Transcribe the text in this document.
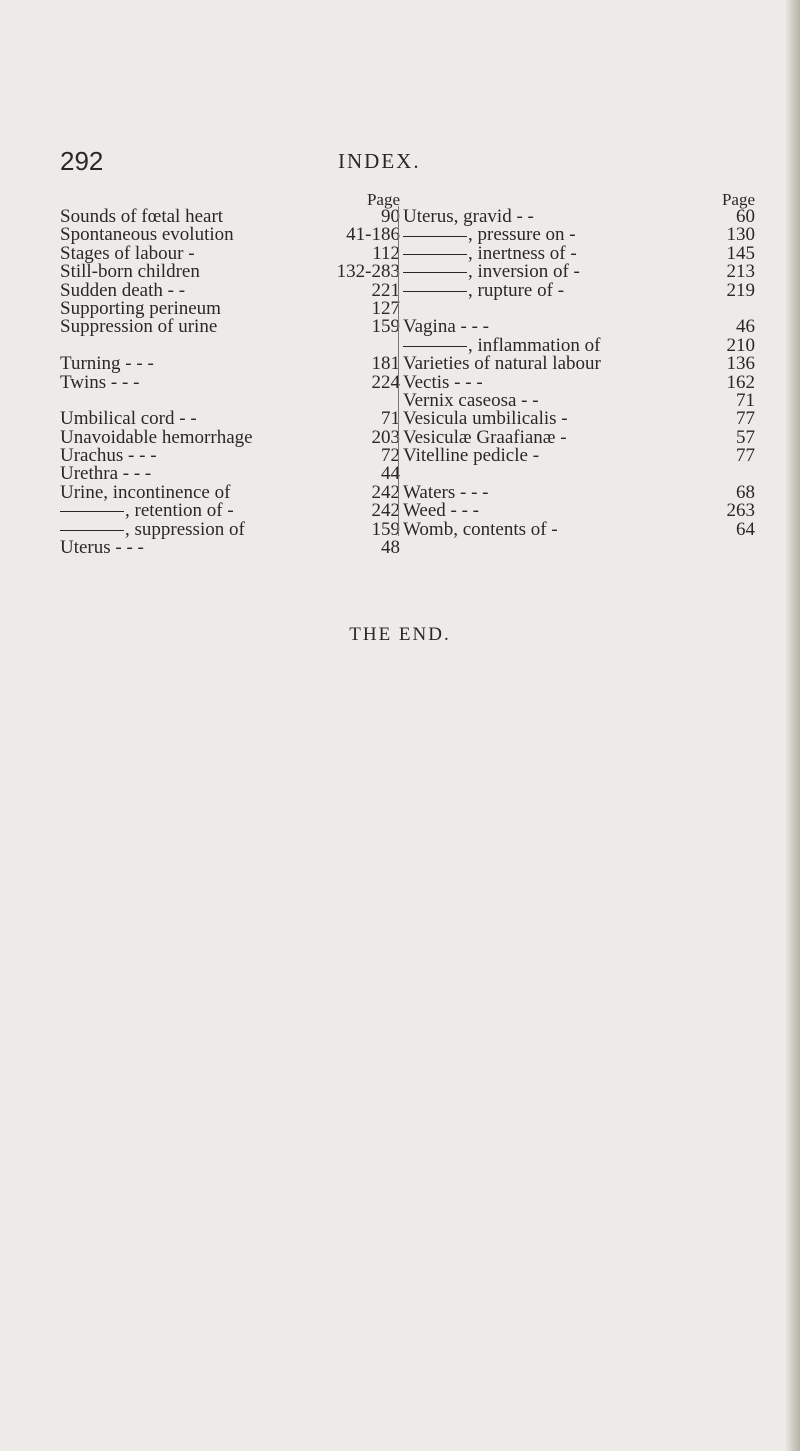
292	INDEX.
Page
Sounds of fœtal heart	90
Spontaneous evolution	41-186
Stages of labour -	112
Still-born children	132-283
Sudden death - -	221
Supporting perineum	127
Suppression of urine	159
Turning - - -	181
Twins - - -	224
Umbilical cord - -	71
Unavoidable hemorrhage	203
Urachus - - -	72
Urethra - - -	44
Urine, incontinence of	242
, retention of -	242
, suppression of	159
Uterus - - -	48
Page
Uterus, gravid - -	60
, pressure on -	130
, inertness of -	145
, inversion of -	213
, rupture of -	219
Vagina - - -	46
, inflammation of	210
Varieties of natural labour	136
Vectis - - -	162
Vernix caseosa - -	71
Vesicula umbilicalis -	77
Vesiculæ Graafianæ -	57
Vitelline pedicle -	77
Waters - - -	68
Weed - - -	263
Womb, contents of -	64
THE END.
